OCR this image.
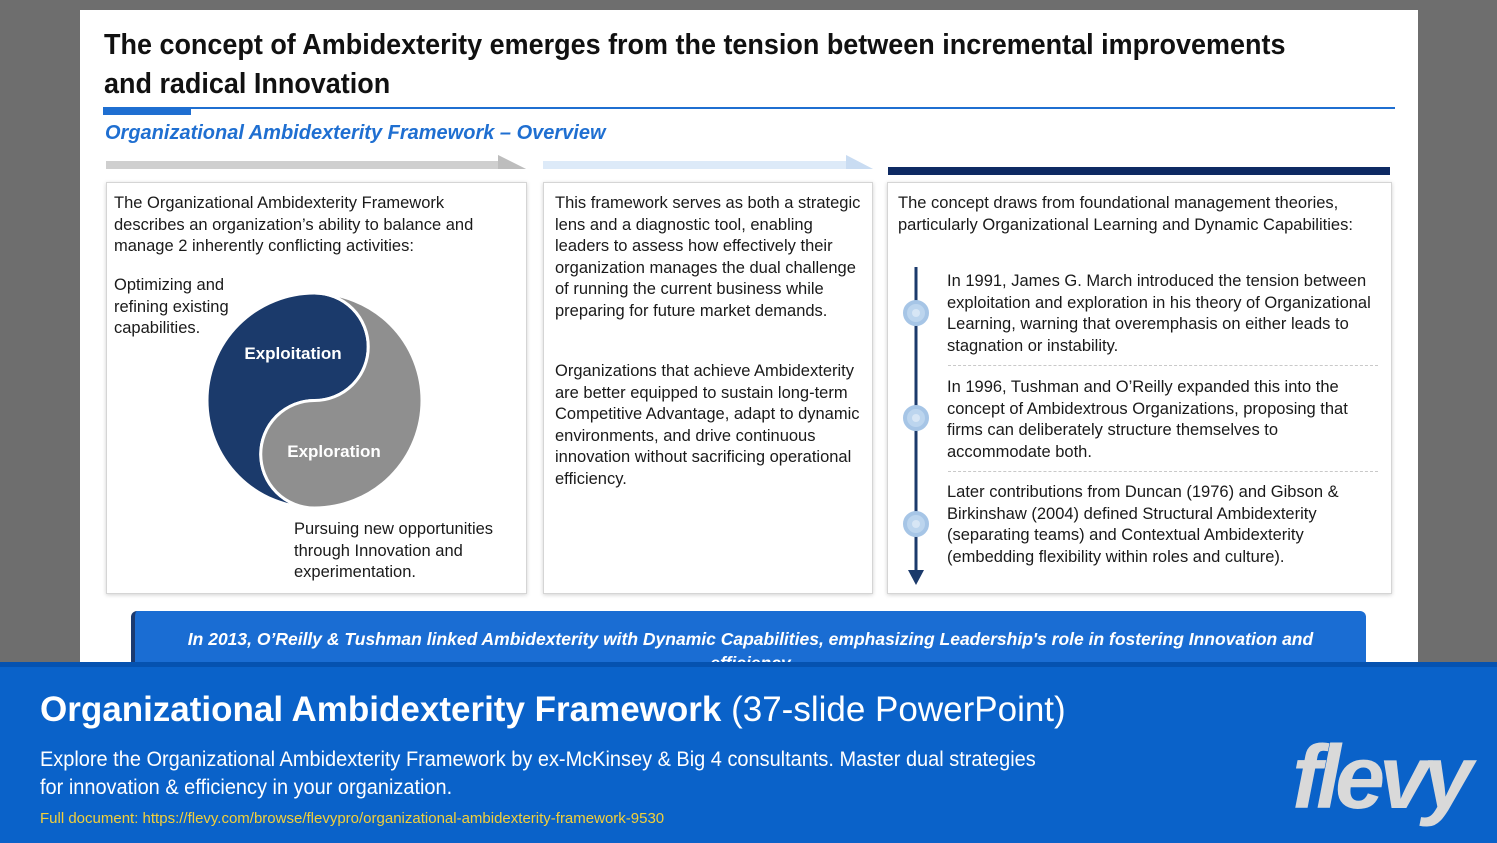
The concept of Ambidexterity emerges from the tension between incremental improvements and radical Innovation
Organizational Ambidexterity Framework – Overview

The Organizational Ambidexterity Framework describes an organization’s ability to balance and manage 2 inherently conflicting activities:

Optimizing and refining existing capabilities.

Exploitation
Exploration

Pursuing new opportunities through Innovation and experimentation.

This framework serves as both a strategic lens and a diagnostic tool, enabling leaders to assess how effectively their organization manages the dual challenge of running the current business while preparing for future market demands.

Organizations that achieve Ambidexterity are better equipped to sustain long-term Competitive Advantage, adapt to dynamic environments, and drive continuous innovation without sacrificing operational efficiency.

The concept draws from foundational management theories, particularly Organizational Learning and Dynamic Capabilities:

In 1991, James G. March introduced the tension between exploitation and exploration in his theory of Organizational Learning, warning that overemphasis on either leads to stagnation or instability.

In 1996, Tushman and O’Reilly expanded this into the concept of Ambidextrous Organizations, proposing that firms can deliberately structure themselves to accommodate both.

Later contributions from Duncan (1976) and Gibson & Birkinshaw (2004) defined Structural Ambidexterity (separating teams) and Contextual Ambidexterity (embedding flexibility within roles and culture).

In 2013, O’Reilly & Tushman linked Ambidexterity with Dynamic Capabilities, emphasizing Leadership's role in fostering Innovation and

Organizational Ambidexterity Framework (37-slide PowerPoint)

Explore the Organizational Ambidexterity Framework by ex-McKinsey & Big 4 consultants. Master dual strategies for innovation & efficiency in your organization.

Full document: https://flevy.com/browse/flevypro/organizational-ambidexterity-framework-9530	flevy
